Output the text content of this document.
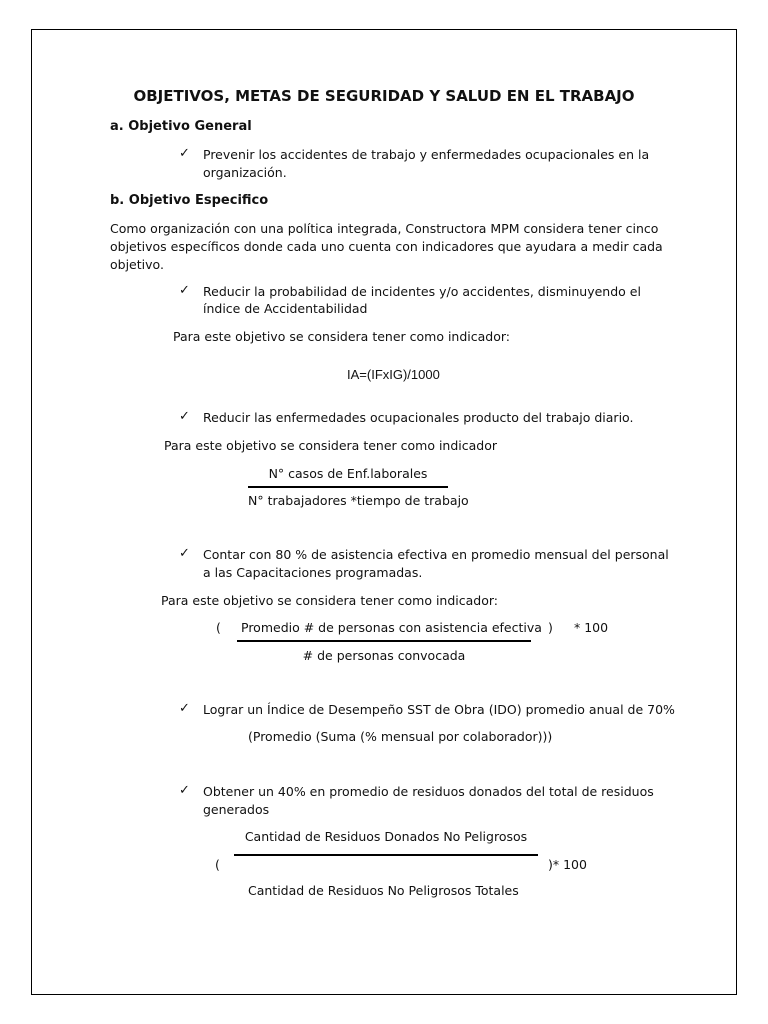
OBJETIVOS, METAS DE SEGURIDAD Y SALUD EN EL TRABAJO
a. Objetivo General
✓ Prevenir los accidentes de trabajo y enfermedades ocupacionales en la
organización.
b. Objetivo Especifico
Como organización con una política integrada, Constructora MPM considera tener cinco
objetivos específicos donde cada uno cuenta con indicadores que ayudara a medir cada
objetivo.
✓ Reducir la probabilidad de incidentes y/o accidentes, disminuyendo el
índice de Accidentabilidad
Para este objetivo se considera tener como indicador:
IA=(IFxIG)/1000
✓ Reducir las enfermedades ocupacionales producto del trabajo diario.
Para este objetivo se considera tener como indicador
N° casos de Enf.laborales
N° trabajadores *tiempo de trabajo
✓ Contar con 80 % de asistencia efectiva en promedio mensual del personal
a las Capacitaciones programadas.
Para este objetivo se considera tener como indicador:
( Promedio # de personas con asistencia efectiva ) * 100
# de personas convocada
✓ Lograr un Índice de Desempeño SST de Obra (IDO) promedio anual de 70%
(Promedio (Suma (% mensual por colaborador)))
✓ Obtener un 40% en promedio de residuos donados del total de residuos
generados
Cantidad de Residuos Donados No Peligrosos
(	)* 100
Cantidad de Residuos No Peligrosos Totales
